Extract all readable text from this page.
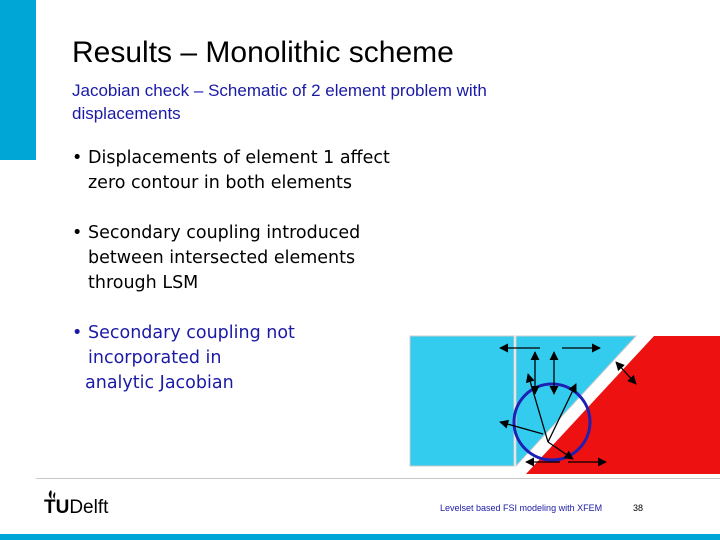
Results – Monolithic scheme
Jacobian check – Schematic of 2 element problem with displacements
• Displacements of element 1 affect
zero contour in both elements
• Secondary coupling introduced
between intersected elements
through LSM
• Secondary coupling not
incorporated in
analytic Jacobian
TUDelft	Levelset based FSI modeling with XFEM	38
